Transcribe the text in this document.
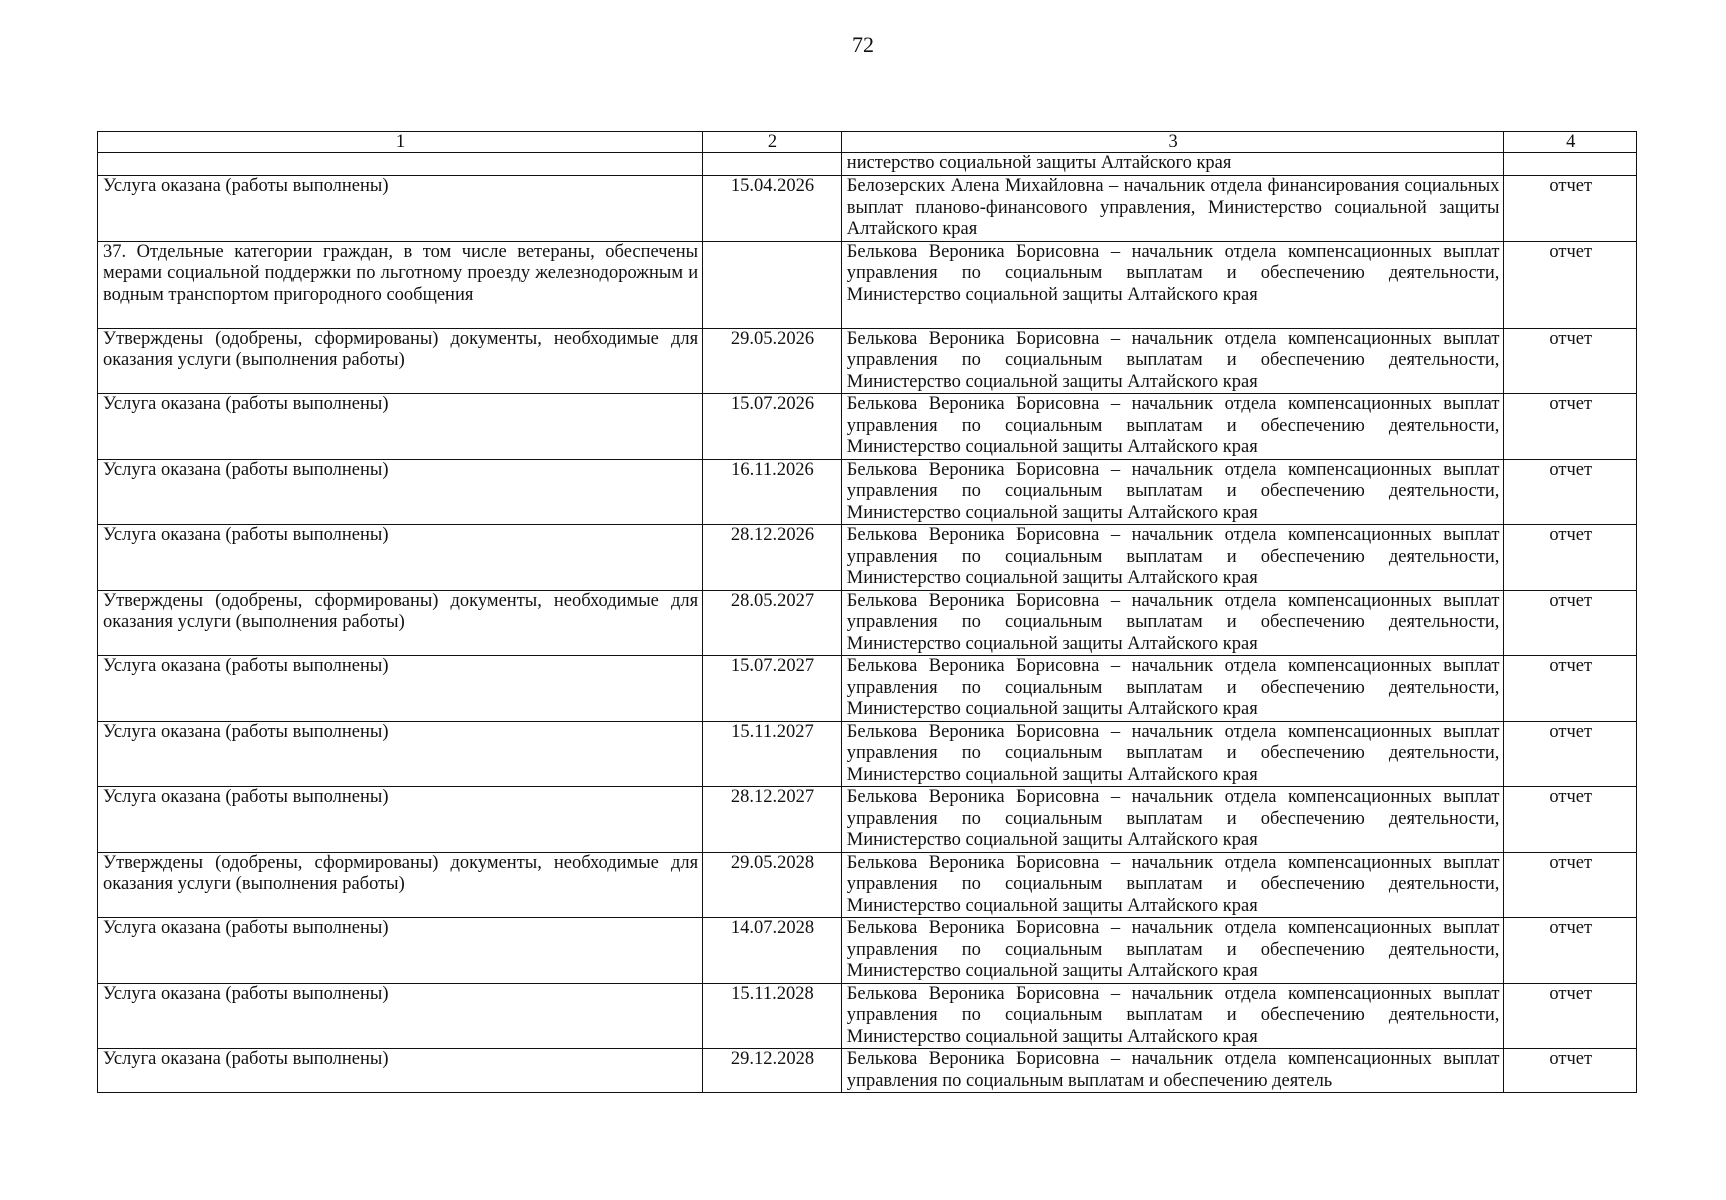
72
1	2	3	4
		нистерство социальной защиты Алтайского края	
Услуга оказана (работы выполнены)	15.04.2026	Белозерских Алена Михайловна – начальник отдела финансирования социальных выплат планово-финансового управления, Министерство социальной защиты Алтайского края	отчет
37. Отдельные категории граждан, в том числе ветераны, обеспечены мерами социальной поддержки по льготному проезду железнодорожным и водным транспортом пригородного сообщения		Белькова Вероника Борисовна – начальник отдела компенсационных выплат управления по социальным выплатам и обеспечению деятельности, Министерство социальной защиты Алтайского края	отчет
Утверждены (одобрены, сформированы) документы, необходимые для оказания услуги (выполнения работы)	29.05.2026	Белькова Вероника Борисовна – начальник отдела компенсационных выплат управления по социальным выплатам и обеспечению деятельности, Министерство социальной защиты Алтайского края	отчет
Услуга оказана (работы выполнены)	15.07.2026	Белькова Вероника Борисовна – начальник отдела компенсационных выплат управления по социальным выплатам и обеспечению деятельности, Министерство социальной защиты Алтайского края	отчет
Услуга оказана (работы выполнены)	16.11.2026	Белькова Вероника Борисовна – начальник отдела компенсационных выплат управления по социальным выплатам и обеспечению деятельности, Министерство социальной защиты Алтайского края	отчет
Услуга оказана (работы выполнены)	28.12.2026	Белькова Вероника Борисовна – начальник отдела компенсационных выплат управления по социальным выплатам и обеспечению деятельности, Министерство социальной защиты Алтайского края	отчет
Утверждены (одобрены, сформированы) документы, необходимые для оказания услуги (выполнения работы)	28.05.2027	Белькова Вероника Борисовна – начальник отдела компенсационных выплат управления по социальным выплатам и обеспечению деятельности, Министерство социальной защиты Алтайского края	отчет
Услуга оказана (работы выполнены)	15.07.2027	Белькова Вероника Борисовна – начальник отдела компенсационных выплат управления по социальным выплатам и обеспечению деятельности, Министерство социальной защиты Алтайского края	отчет
Услуга оказана (работы выполнены)	15.11.2027	Белькова Вероника Борисовна – начальник отдела компенсационных выплат управления по социальным выплатам и обеспечению деятельности, Министерство социальной защиты Алтайского края	отчет
Услуга оказана (работы выполнены)	28.12.2027	Белькова Вероника Борисовна – начальник отдела компенсационных выплат управления по социальным выплатам и обеспечению деятельности, Министерство социальной защиты Алтайского края	отчет
Утверждены (одобрены, сформированы) документы, необходимые для оказания услуги (выполнения работы)	29.05.2028	Белькова Вероника Борисовна – начальник отдела компенсационных выплат управления по социальным выплатам и обеспечению деятельности, Министерство социальной защиты Алтайского края	отчет
Услуга оказана (работы выполнены)	14.07.2028	Белькова Вероника Борисовна – начальник отдела компенсационных выплат управления по социальным выплатам и обеспечению деятельности, Министерство социальной защиты Алтайского края	отчет
Услуга оказана (работы выполнены)	15.11.2028	Белькова Вероника Борисовна – начальник отдела компенсационных выплат управления по социальным выплатам и обеспечению деятельности, Министерство социальной защиты Алтайского края	отчет
Услуга оказана (работы выполнены)	29.12.2028	Белькова Вероника Борисовна – начальник отдела компенсационных выплат управления по социальным выплатам и обеспечению деятель	отчет
